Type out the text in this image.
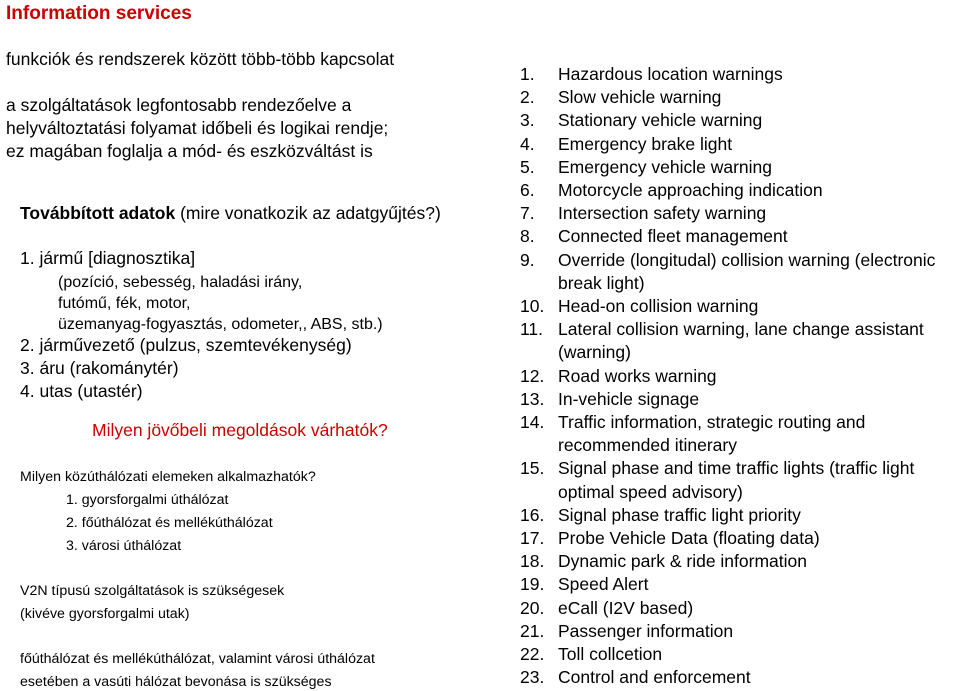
Information services
funkciók és rendszerek között több-több kapcsolat
a szolgáltatások legfontosabb rendezőelve a
helyváltoztatási folyamat időbeli és logikai rendje;
ez magában foglalja a mód- és eszközváltást is
Továbbított adatok (mire vonatkozik az adatgyűjtés?)
1. jármű [diagnosztika]
(pozíció, sebesség, haladási irány,
futómű, fék, motor,
üzemanyag-fogyasztás, odometer,, ABS, stb.)
2. járművezető (pulzus, szemtevékenység)
3. áru (rakománytér)
4. utas (utastér)
Milyen jövőbeli megoldások várhatók?
Milyen közúthálózati elemeken alkalmazhatók?
1. gyorsforgalmi úthálózat
2. főúthálózat és mellékúthálózat
3. városi úthálózat
V2N típusú szolgáltatások is szükségesek
(kivéve gyorsforgalmi utak)
főúthálózat és mellékúthálózat, valamint városi úthálózat
esetében a vasúti hálózat bevonása is szükséges
1.	Hazardous location warnings
2.	Slow vehicle warning
3.	Stationary vehicle warning
4.	Emergency brake light
5.	Emergency vehicle warning
6.	Motorcycle approaching indication
7.	Intersection safety warning
8.	Connected fleet management
9.	Override (longitudal) collision warning (electronic break light)
10. Head-on collision warning
11. Lateral collision warning, lane change assistant (warning)
12. Road works warning
13. In-vehicle signage
14. Traffic information, strategic routing and recommended itinerary
15. Signal phase and time traffic lights (traffic light optimal speed advisory)
16. Signal phase traffic light priority
17. Probe Vehicle Data (floating data)
18. Dynamic park & ride information
19. Speed Alert
20. eCall (I2V based)
21. Passenger information
22. Toll collcetion
23. Control and enforcement
